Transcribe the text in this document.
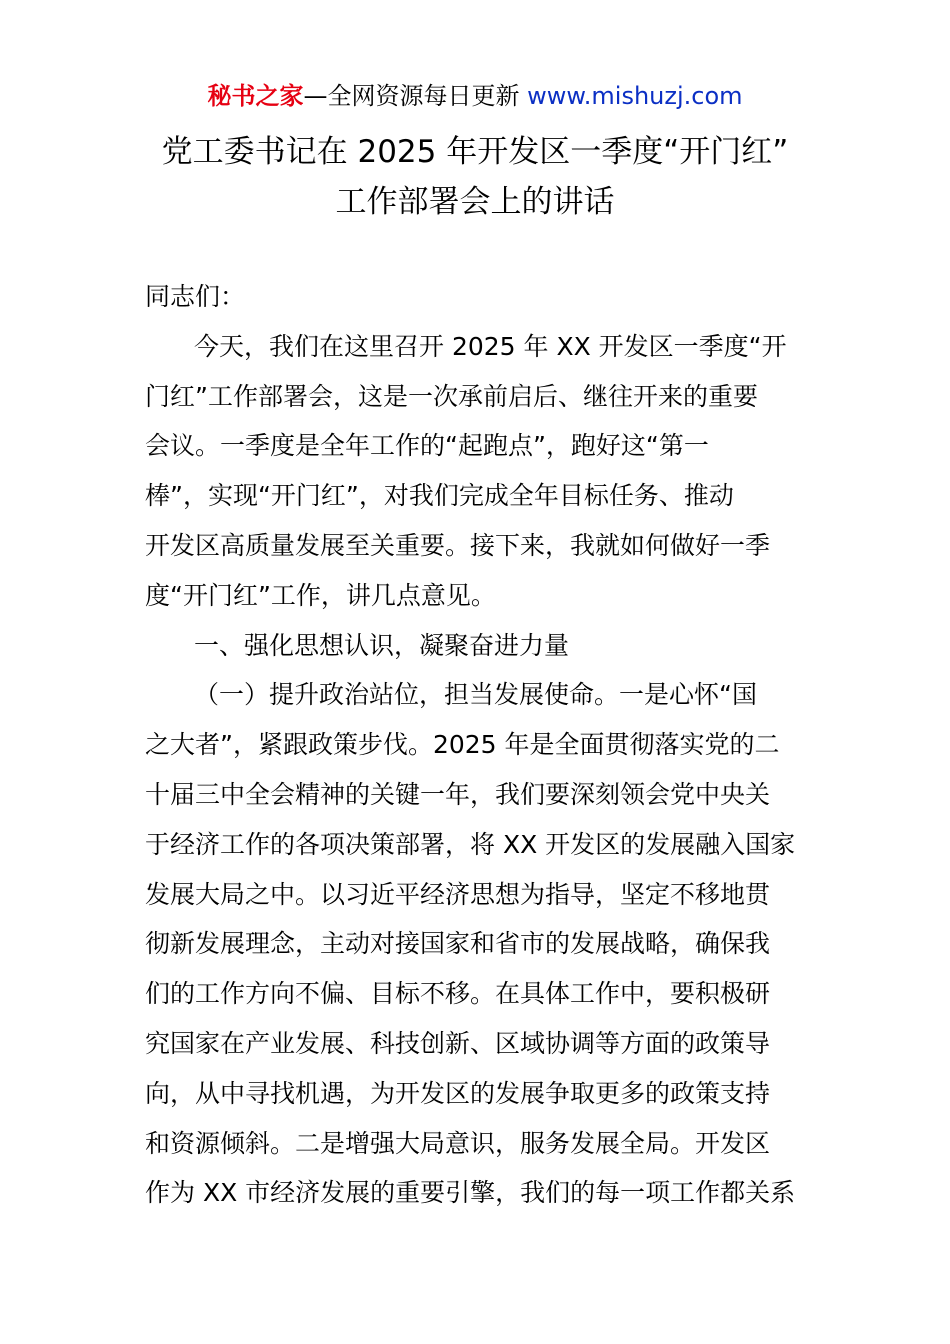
秘书之家—全网资源每日更新 www.mishuzj.com
党工委书记在 2025 年开发区一季度“开门红”
工作部署会上的讲话

同志们：

今天，我们在这里召开 2025 年 XX 开发区一季度“开

门红”工作部署会，这是一次承前启后、继往开来的重要

会议。一季度是全年工作的“起跑点”，跑好这“第一

棒”，实现“开门红”，对我们完成全年目标任务、推动

开发区高质量发展至关重要。接下来，我就如何做好一季

度“开门红”工作，讲几点意见。

一、强化思想认识，凝聚奋进力量

（一）提升政治站位，担当发展使命。一是心怀“国

之大者”，紧跟政策步伐。2025 年是全面贯彻落实党的二

十届三中全会精神的关键一年，我们要深刻领会党中央关

于经济工作的各项决策部署，将 XX 开发区的发展融入国家

发展大局之中。以习近平经济思想为指导，坚定不移地贯

彻新发展理念，主动对接国家和省市的发展战略，确保我

们的工作方向不偏、目标不移。在具体工作中，要积极研

究国家在产业发展、科技创新、区域协调等方面的政策导

向，从中寻找机遇，为开发区的发展争取更多的政策支持

和资源倾斜。二是增强大局意识，服务发展全局。开发区

作为 XX 市经济发展的重要引擎，我们的每一项工作都关系
